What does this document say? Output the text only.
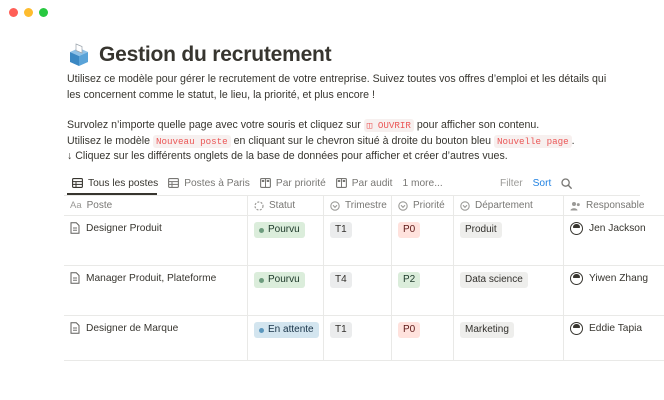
Gestion du recrutement

Utilisez ce modèle pour gérer le recrutement de votre entreprise. Suivez toutes vos offres d’emploi et les détails qui

les concernent comme le statut, le lieu, la priorité, et plus encore !

Survolez n’importe quelle page avec votre souris et cliquez sur ◫ OUVRIR pour afficher son contenu.

Utilisez le modèle Nouveau poste en cliquant sur le chevron situé à droite du bouton bleu Nouvelle page .

↓ Cliquez sur les différents onglets de la base de données pour afficher et créer d’autres vues.

Tous les postes	Postes à Paris	Par priorité	Par audit 1 more...	Filter Sort
Aa Poste	Statut	Trimestre	Priorité	Département	Responsable
Designer Produit	Pourvu	T1	P0	Produit	Jen Jackson
Manager Produit, Plateforme	Pourvu	T4	P2	Data science	Yiwen Zhang
Designer de Marque	En attente	T1	P0	Marketing	Eddie Tapia
